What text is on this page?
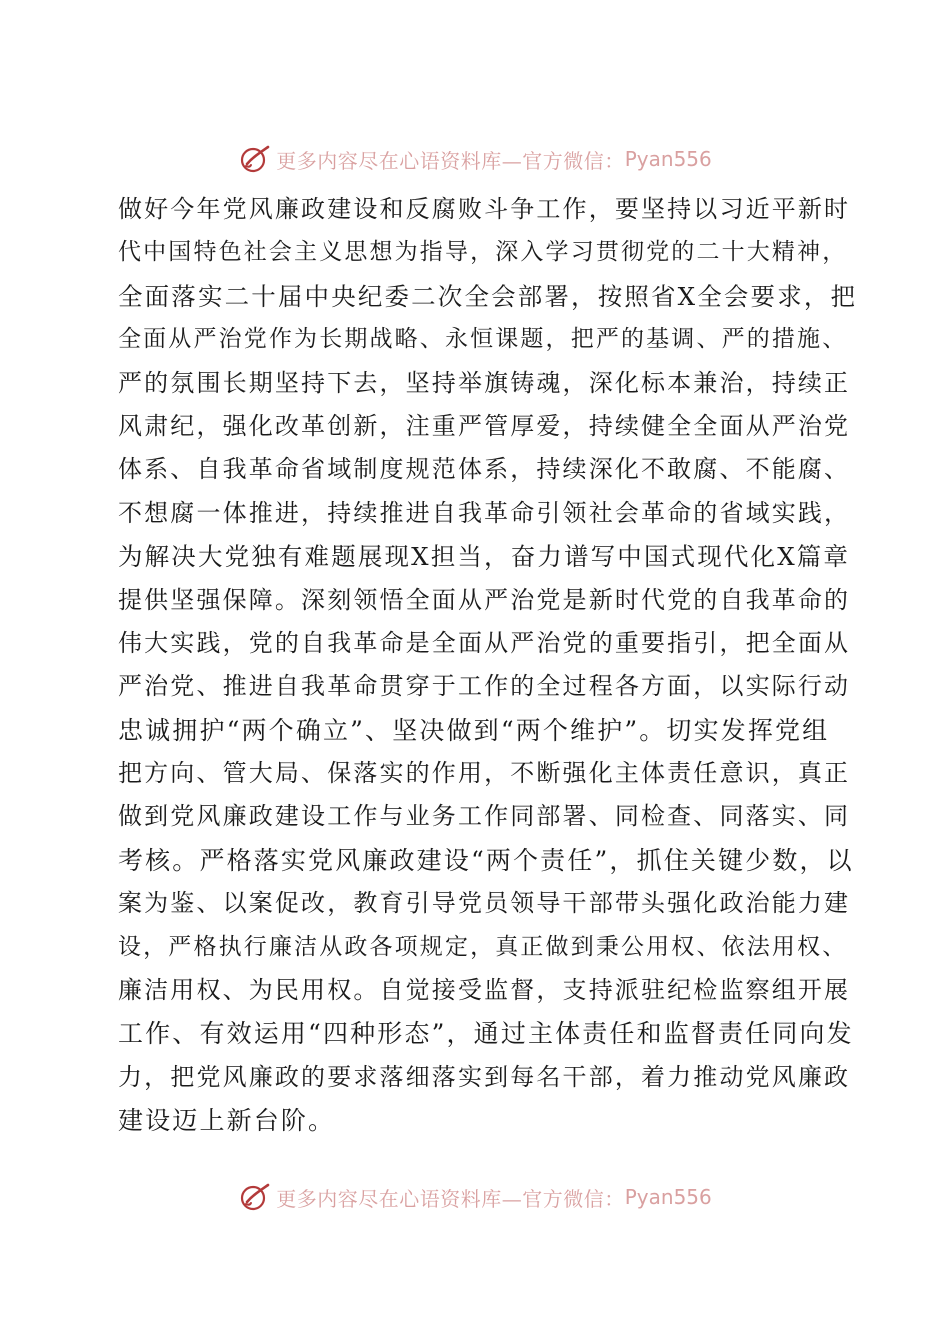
更多内容尽在心语资料库—官方微信： Pyan556
做好今年党风廉政建设和反腐败斗争工作，要坚持以习近平新时
代中国特色社会主义思想为指导，深入学习贯彻党的二十大精神，
全面落实二十届中央纪委二次全会部署，按照省X全会要求，把
全面从严治党作为长期战略、永恒课题，把严的基调、严的措施、
严的氛围长期坚持下去，坚持举旗铸魂，深化标本兼治，持续正
风肃纪，强化改革创新，注重严管厚爱，持续健全全面从严治党
体系、自我革命省域制度规范体系，持续深化不敢腐、不能腐、
不想腐一体推进，持续推进自我革命引领社会革命的省域实践，
为解决大党独有难题展现X担当，奋力谱写中国式现代化X篇章
提供坚强保障。深刻领悟全面从严治党是新时代党的自我革命的
伟大实践，党的自我革命是全面从严治党的重要指引，把全面从
严治党、推进自我革命贯穿于工作的全过程各方面，以实际行动
忠诚拥护“两个确立”、坚决做到“两个维护”。切实发挥党组
把方向、管大局、保落实的作用，不断强化主体责任意识，真正
做到党风廉政建设工作与业务工作同部署、同检查、同落实、同
考核。严格落实党风廉政建设“两个责任”，抓住关键少数，以
案为鉴、以案促改，教育引导党员领导干部带头强化政治能力建
设，严格执行廉洁从政各项规定，真正做到秉公用权、依法用权、
廉洁用权、为民用权。自觉接受监督，支持派驻纪检监察组开展
工作、有效运用“四种形态”，通过主体责任和监督责任同向发
力，把党风廉政的要求落细落实到每名干部，着力推动党风廉政
建设迈上新台阶。
更多内容尽在心语资料库—官方微信： Pyan556
